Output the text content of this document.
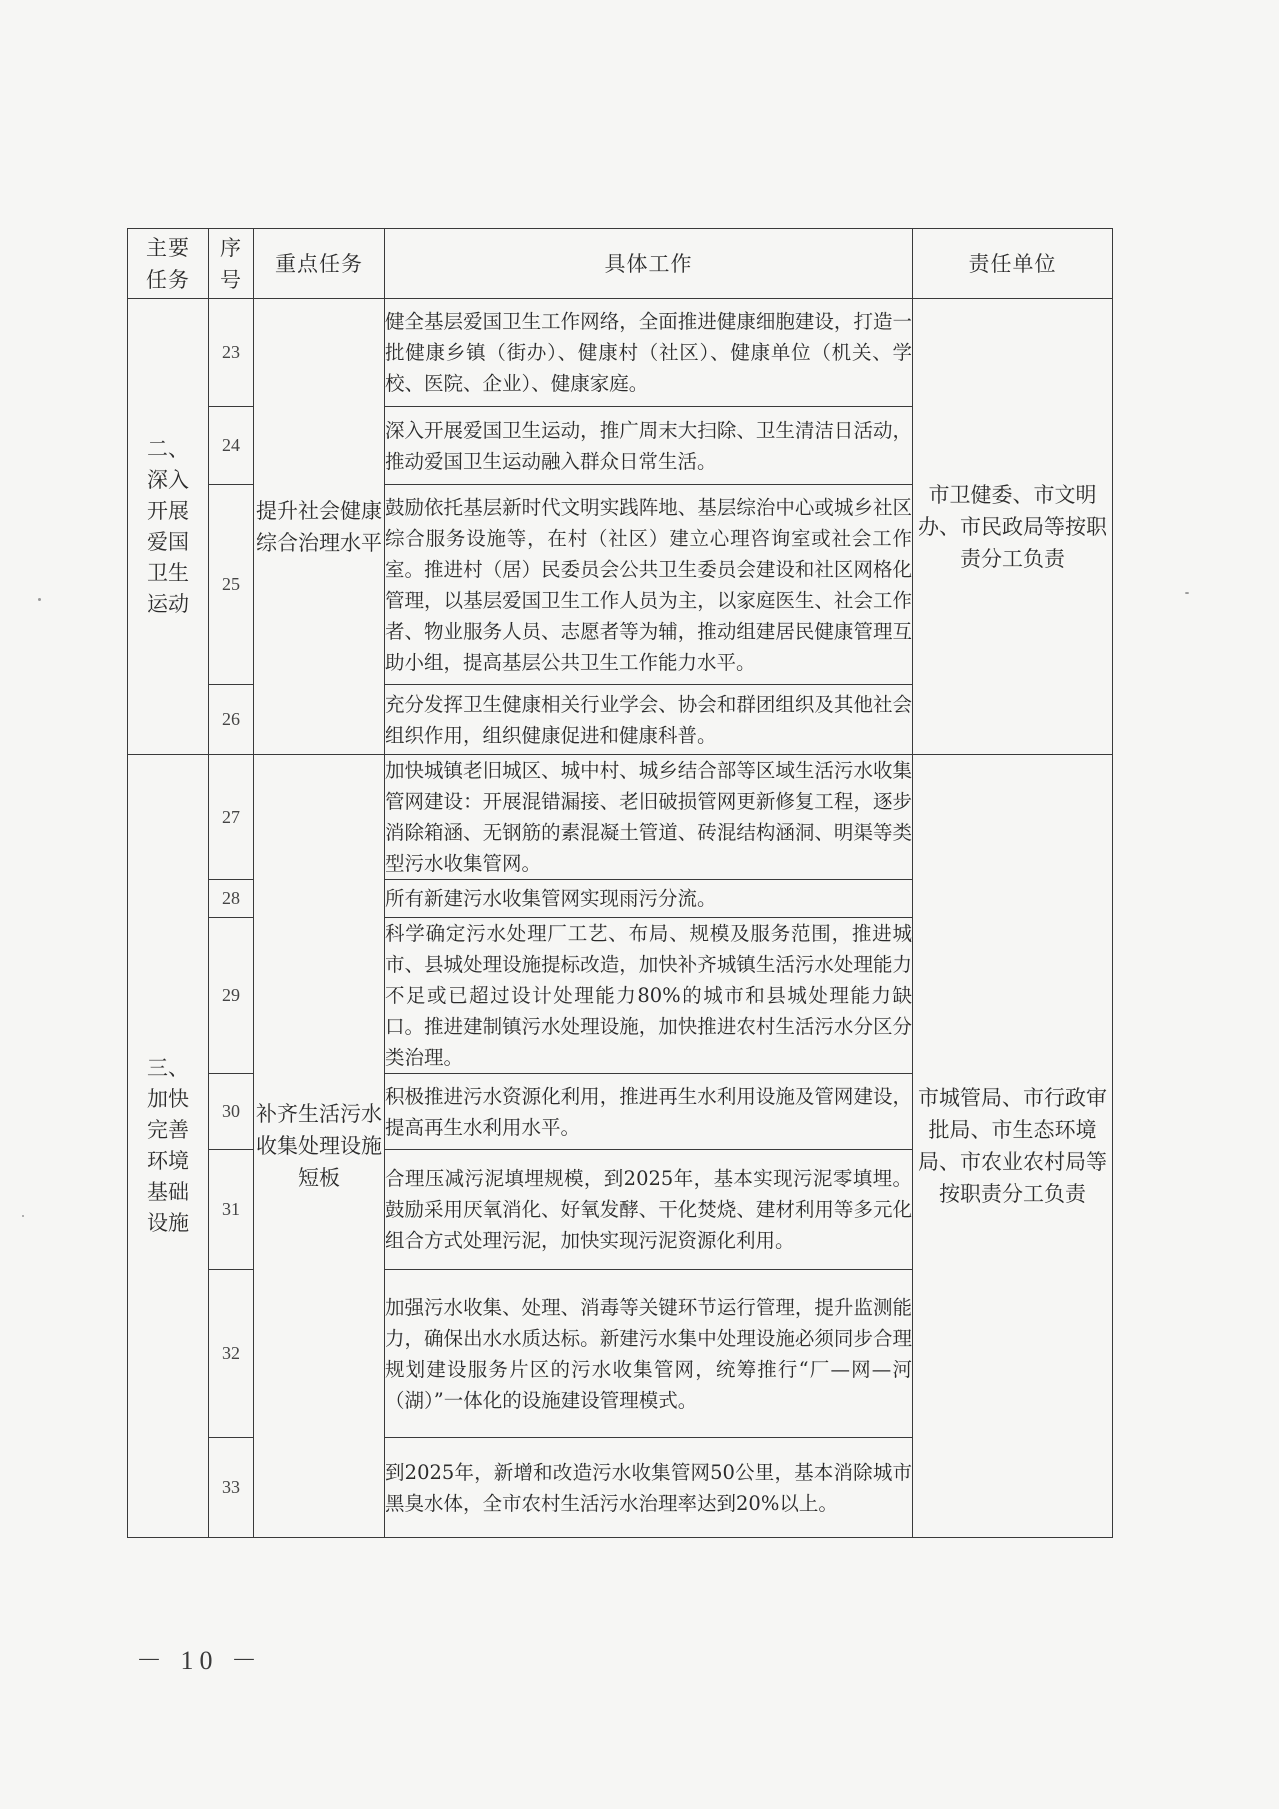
主要任务	序号	重点任务	具体工作	责任单位
二、深入开展爱国卫生运动	23	提升社会健康综合治理水平	健全基层爱国卫生工作网络，全面推进健康细胞建设，打造一批健康乡镇（街办）、健康村（社区）、健康单位（机关、学校、医院、企业）、健康家庭。	市卫健委、市文明办、市民政局等按职责分工负责
	24		深入开展爱国卫生运动，推广周末大扫除、卫生清洁日活动，推动爱国卫生运动融入群众日常生活。	
	25		鼓励依托基层新时代文明实践阵地、基层综治中心或城乡社区综合服务设施等，在村（社区）建立心理咨询室或社会工作室。推进村（居）民委员会公共卫生委员会建设和社区网格化管理，以基层爱国卫生工作人员为主，以家庭医生、社会工作者、物业服务人员、志愿者等为辅，推动组建居民健康管理互助小组，提高基层公共卫生工作能力水平。	
	26		充分发挥卫生健康相关行业学会、协会和群团组织及其他社会组织作用，组织健康促进和健康科普。	
三、加快完善环境基础设施	27	补齐生活污水收集处理设施短板	加快城镇老旧城区、城中村、城乡结合部等区域生活污水收集管网建设：开展混错漏接、老旧破损管网更新修复工程，逐步消除箱涵、无钢筋的素混凝土管道、砖混结构涵洞、明渠等类型污水收集管网。	市城管局、市行政审批局、市生态环境局、市农业农村局等按职责分工负责
	28		所有新建污水收集管网实现雨污分流。	
	29		科学确定污水处理厂工艺、布局、规模及服务范围，推进城市、县城处理设施提标改造，加快补齐城镇生活污水处理能力不足或已超过设计处理能力80%的城市和县城处理能力缺口。推进建制镇污水处理设施，加快推进农村生活污水分区分类治理。	
	30		积极推进污水资源化利用，推进再生水利用设施及管网建设，提高再生水利用水平。	
	31		合理压减污泥填埋规模，到2025年，基本实现污泥零填埋。鼓励采用厌氧消化、好氧发酵、干化焚烧、建材利用等多元化组合方式处理污泥，加快实现污泥资源化利用。	
	32		加强污水收集、处理、消毒等关键环节运行管理，提升监测能力，确保出水水质达标。新建污水集中处理设施必须同步合理规划建设服务片区的污水收集管网，统筹推行“厂—网—河（湖）”一体化的设施建设管理模式。	
	33		到2025年，新增和改造污水收集管网50公里，基本消除城市黑臭水体，全市农村生活污水治理率达到20%以上。	
－ 10 －
